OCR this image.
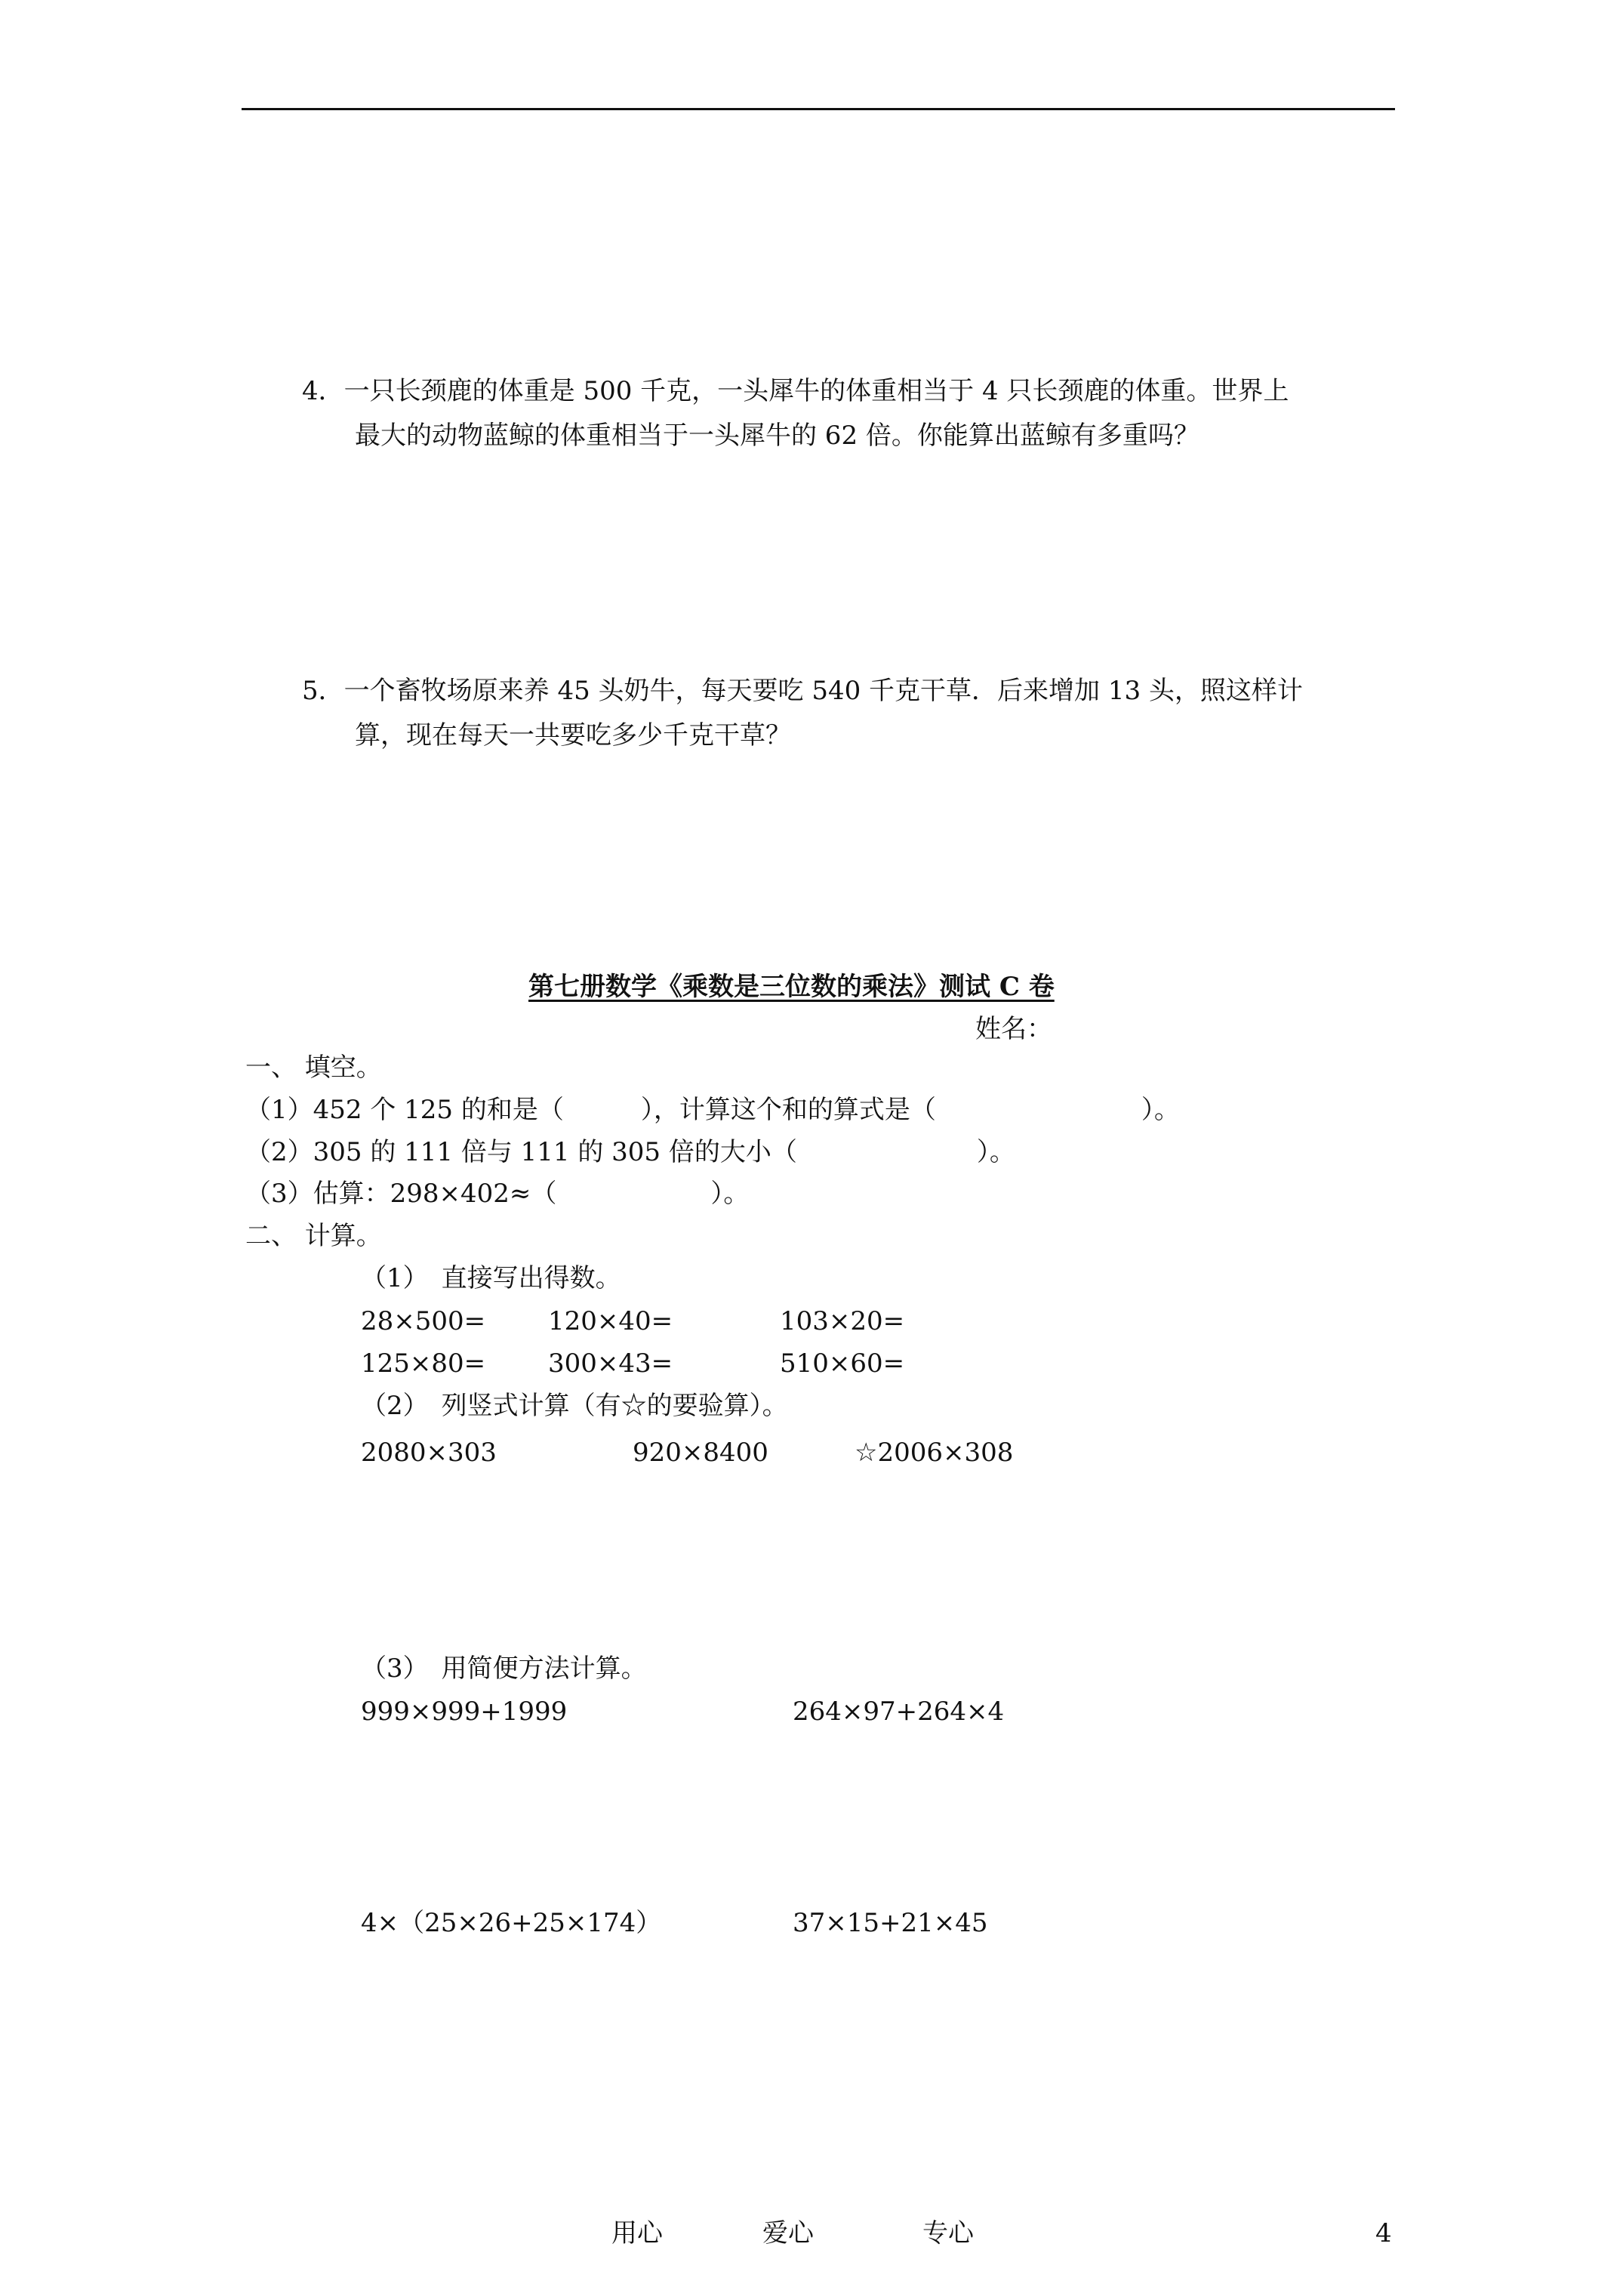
4．一只长颈鹿的体重是 500 千克，一头犀牛的体重相当于 4 只长颈鹿的体重。世界上
最大的动物蓝鲸的体重相当于一头犀牛的 62 倍。你能算出蓝鲸有多重吗？
5．一个畜牧场原来养 45 头奶牛，每天要吃 540 千克干草．后来增加 13 头，照这样计
算，现在每天一共要吃多少千克干草？
第七册数学《乘数是三位数的乘法》测试 C 卷
姓名：
一、 填空。
（1）452 个 125 的和是（　　　），计算这个和的算式是（　　　　　　　　）。
（2）305 的 111 倍与 111 的 305 倍的大小（　　　　　　　）。
（3）估算：298×402≈（　　　　　　）。
二、 计算。
（1）　直接写出得数。
28×500= 120×40=	103×20=
125×80= 300×43=	510×60=
（2）　列竖式计算（有☆的要验算）。
2080×303	920×8400	☆2006×308
（3）　用简便方法计算。
999×999+1999	264×97+264×4
4×（25×26+25×174）	37×15+21×45
用心	爱心	专心	4
